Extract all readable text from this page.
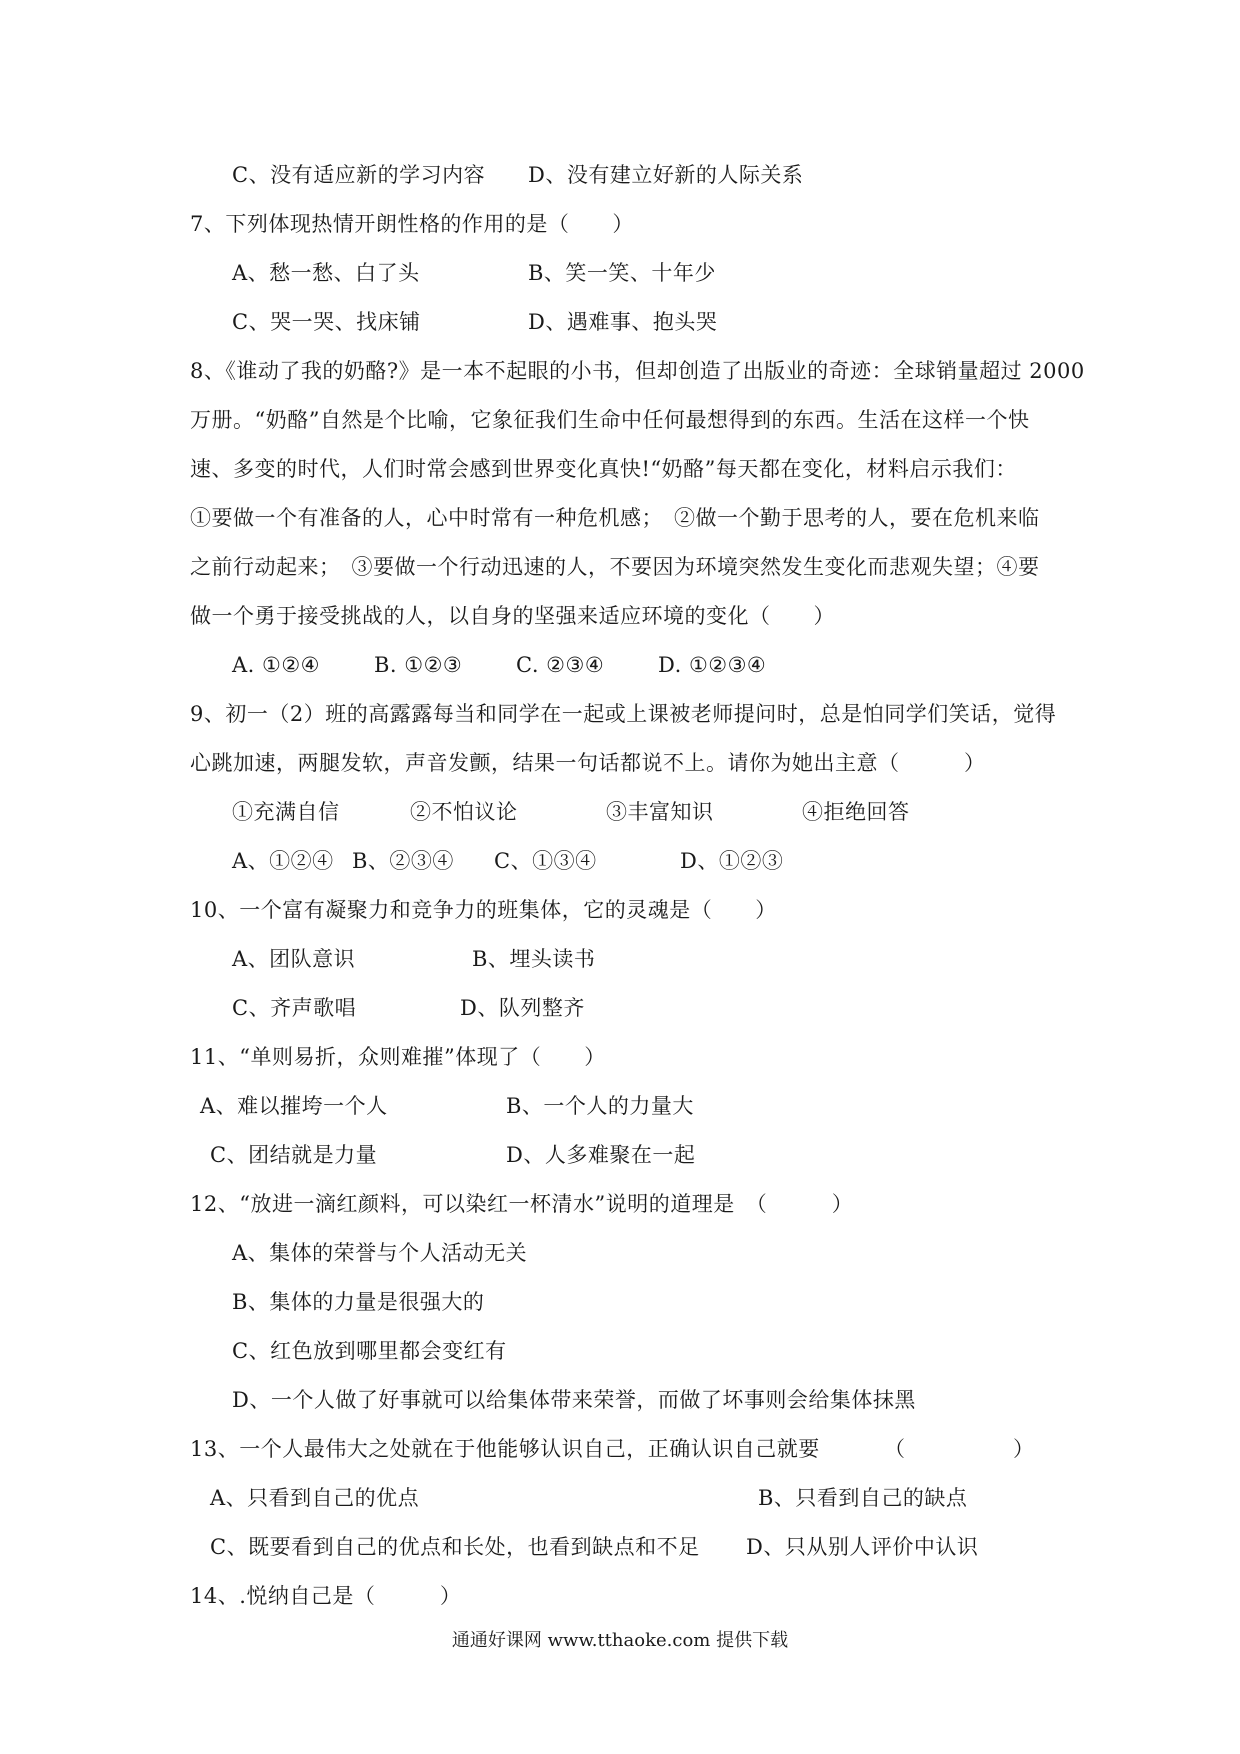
C、没有适应新的学习内容 D、没有建立好新的人际关系
7、下列体现热情开朗性格的作用的是（　　）
A、愁一愁、白了头	B、笑一笑、十年少
C、哭一哭、找床铺	D、遇难事、抱头哭
8、《谁动了我的奶酪?》是一本不起眼的小书，但却创造了出版业的奇迹：全球销量超过 2000
万册。“奶酪”自然是个比喻，它象征我们生命中任何最想得到的东西。生活在这样一个快
速、多变的时代，人们时常会感到世界变化真快!“奶酪”每天都在变化，材料启示我们：
①要做一个有准备的人，心中时常有一种危机感；　②做一个勤于思考的人，要在危机来临
之前行动起来；　③要做一个行动迅速的人，不要因为环境突然发生变化而悲观失望；④要
做一个勇于接受挑战的人，以自身的坚强来适应环境的变化（　　）
A. ①②④	B. ①②③	C. ②③④	D. ①②③④
9、初一（2）班的高露露每当和同学在一起或上课被老师提问时，总是怕同学们笑话，觉得
心跳加速，两腿发软，声音发颤，结果一句话都说不上。请你为她出主意（　　　）
①充满自信	②不怕议论	③丰富知识	④拒绝回答
A、①②④ B、②③④ C、①③④	D、①②③
10、一个富有凝聚力和竞争力的班集体，它的灵魂是（　　）
A、团队意识	B、埋头读书
C、齐声歌唱	D、队列整齐
11、“单则易折，众则难摧”体现了（　　）
A、难以摧垮一个人	B、一个人的力量大
C、团结就是力量	D、人多难聚在一起
12、“放进一滴红颜料，可以染红一杯清水”说明的道理是　（　　　）
A、集体的荣誉与个人活动无关
B、集体的力量是很强大的
C、红色放到哪里都会变红有
D、一个人做了好事就可以给集体带来荣誉，而做了坏事则会给集体抹黑
13、一个人最伟大之处就在于他能够认识自己，正确认识自己就要	（　　　　　）
A、只看到自己的优点	B、只看到自己的缺点
C、既要看到自己的优点和长处，也看到缺点和不足 D、只从别人评价中认识
14、.悦纳自己是（　　　）
通通好课网 www.tthaoke.com 提供下载
